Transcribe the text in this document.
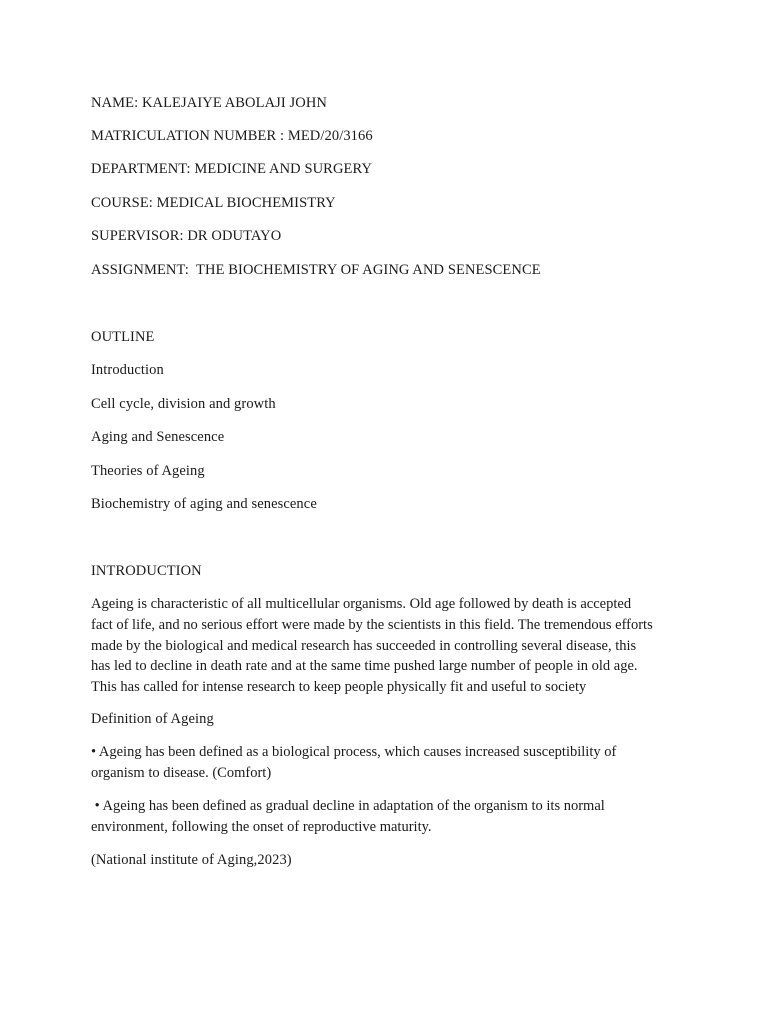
NAME: KALEJAIYE ABOLAJI JOHN
MATRICULATION NUMBER : MED/20/3166
DEPARTMENT: MEDICINE AND SURGERY
COURSE: MEDICAL BIOCHEMISTRY
SUPERVISOR: DR ODUTAYO
ASSIGNMENT:  THE BIOCHEMISTRY OF AGING AND SENESCENCE
OUTLINE
Introduction
Cell cycle, division and growth
Aging and Senescence
Theories of Ageing
Biochemistry of aging and senescence
INTRODUCTION
Ageing is characteristic of all multicellular organisms. Old age followed by death is accepted
fact of life, and no serious effort were made by the scientists in this field. The tremendous efforts
made by the biological and medical research has succeeded in controlling several disease, this
has led to decline in death rate and at the same time pushed large number of people in old age.
This has called for intense research to keep people physically fit and useful to society
Definition of Ageing
• Ageing has been defined as a biological process, which causes increased susceptibility of
organism to disease. (Comfort)
• Ageing has been defined as gradual decline in adaptation of the organism to its normal
environment, following the onset of reproductive maturity.
(National institute of Aging,2023)
